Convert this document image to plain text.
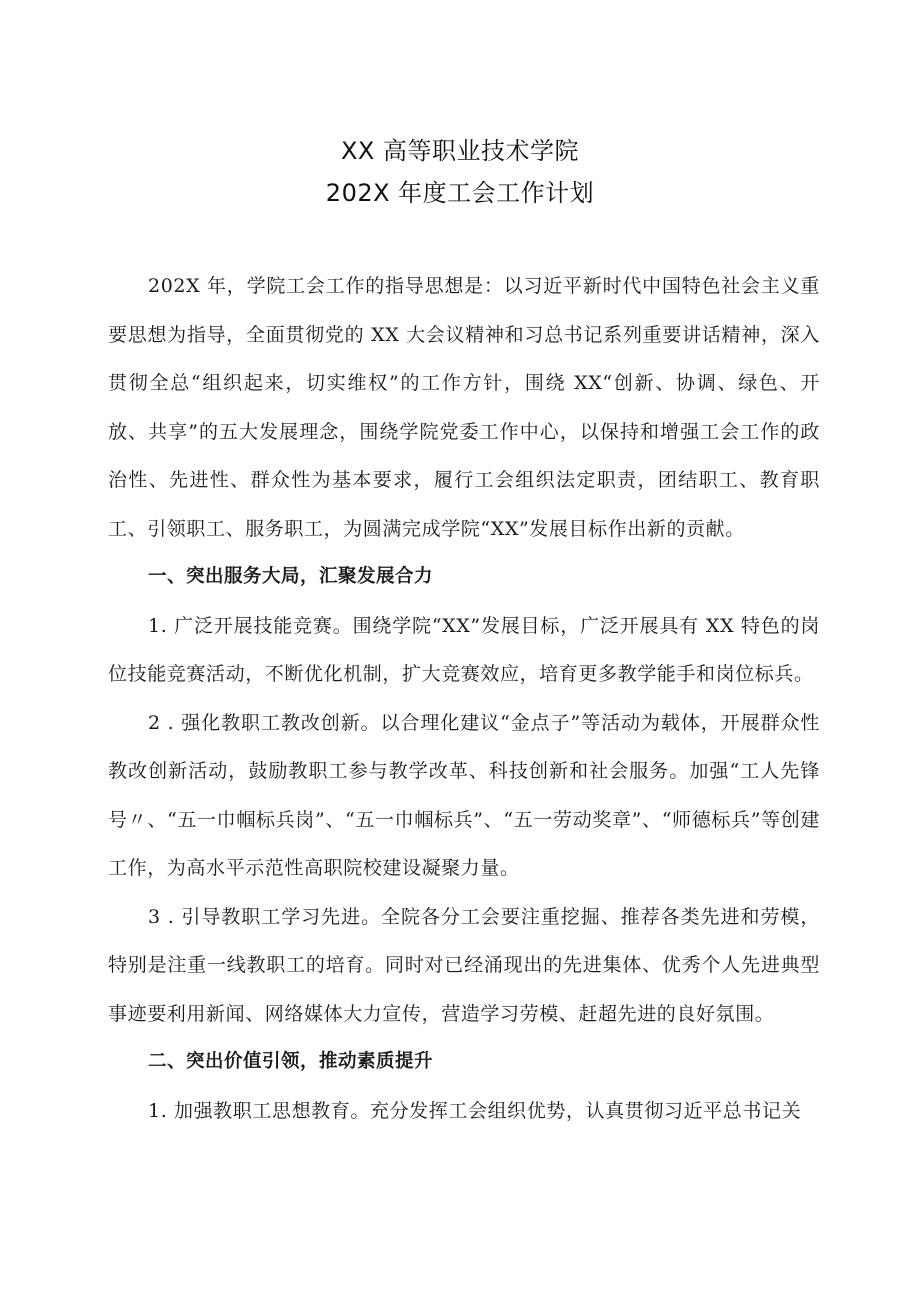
XX 高等职业技术学院
202X 年度工会工作计划

202X 年，学院工会工作的指导思想是：以习近平新时代中国特色社会主义重要思想为指导，全面贯彻党的 XX 大会议精神和习总书记系列重要讲话精神，深入贯彻全总“组织起来，切实维权”的工作方针，围绕 XX“创新、协调、绿色、开放、共享”的五大发展理念，围绕学院党委工作中心，以保持和增强工会工作的政治性、先进性、群众性为基本要求，履行工会组织法定职责，团结职工、教育职工、引领职工、服务职工，为圆满完成学院“XX”发展目标作出新的贡献。

一、突出服务大局，汇聚发展合力

1. 广泛开展技能竞赛。围绕学院“XX”发展目标，广泛开展具有 XX 特色的岗位技能竞赛活动，不断优化机制，扩大竞赛效应，培育更多教学能手和岗位标兵。

2 . 强化教职工教改创新。以合理化建议“金点子”等活动为载体，开展群众性教改创新活动，鼓励教职工参与教学改革、科技创新和社会服务。加强“工人先锋号〃、“五一巾帼标兵岗”、“五一巾帼标兵”、“五一劳动奖章”、“师德标兵”等创建工作，为高水平示范性高职院校建设凝聚力量。

3 . 引导教职工学习先进。全院各分工会要注重挖掘、推荐各类先进和劳模，特别是注重一线教职工的培育。同时对已经涌现出的先进集体、优秀个人先进典型事迹要利用新闻、网络媒体大力宣传，营造学习劳模、赶超先进的良好氛围。

二、突出价值引领，推动素质提升

1. 加强教职工思想教育。充分发挥工会组织优势，认真贯彻习近平总书记关
